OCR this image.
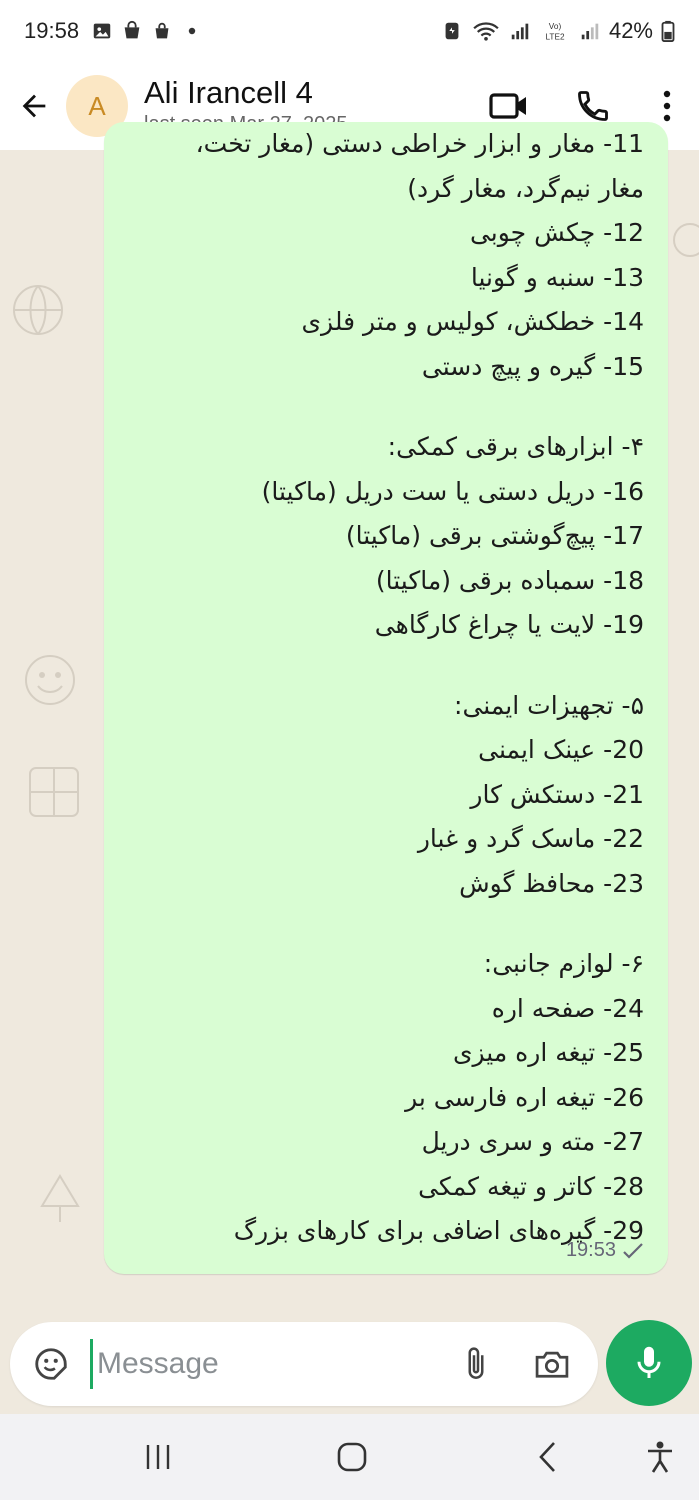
19:58	Vo)
LTE2 42%
A	Ali Irancell 4
11- مغار و ابزار خراطی دستی (مغار تخت،
مغار نیم‌گرد، مغار گرد)
12- چکش چوبی
13- سنبه و گونیا
14- خطکش، کولیس و متر فلزی
15- گیره و پیچ دستی
۴- ابزارهای برقی کمکی:
16- دریل دستی یا ست دریل (ماکیتا)
17- پیچ‌گوشتی برقی (ماکیتا)
18- سمباده برقی (ماکیتا)
19- لایت یا چراغ کارگاهی
۵- تجهیزات ایمنی:
20- عینک ایمنی
21- دستکش کار
22- ماسک گرد و غبار
23- محافظ گوش
۶- لوازم جانبی:
24- صفحه اره
25- تیغه اره میزی
26- تیغه اره فارسی بر
27- مته و سری دریل
28- کاتر و تیغه کمکی
29- گیره‌های اضافی برای کارهای بزرگ
19:53
Message
